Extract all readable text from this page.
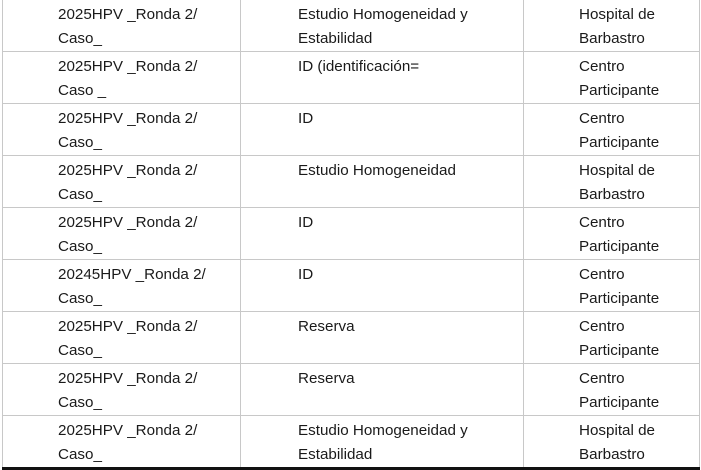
2025HPV _Ronda 2/
Caso_	Estudio Homogeneidad y Estabilidad	Hospital de Barbastro

2025HPV _Ronda 2/
Caso _	ID (identificación=	Centro Participante

2025HPV _Ronda 2/
Caso_	ID	Centro Participante

2025HPV _Ronda 2/
Caso_	Estudio Homogeneidad	Hospital de Barbastro

2025HPV _Ronda 2/
Caso_	ID	Centro Participante

20245HPV _Ronda 2/
Caso_	ID	Centro Participante

2025HPV _Ronda 2/
Caso_	Reserva	Centro Participante

2025HPV _Ronda 2/
Caso_	Reserva	Centro Participante

2025HPV _Ronda 2/
Caso_	Estudio Homogeneidad y Estabilidad	Hospital de Barbastro
